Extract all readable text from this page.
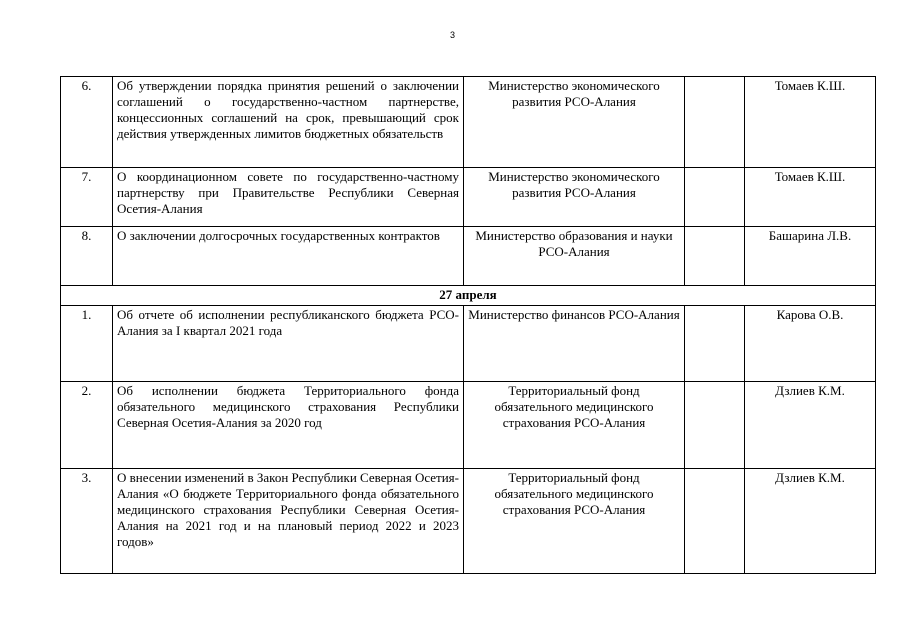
3
6.	Об утверждении порядка принятия решений о заключении соглашений о государственно-частном партнерстве, концессионных соглашений на срок, превышающий срок действия утвержденных лимитов бюджетных обязательств	Министерство экономического развития РСО-Алания		Томаев К.Ш.
7.	О координационном совете по государственно-частному партнерству при Правительстве Республики Северная Осетия-Алания	Министерство экономического развития РСО-Алания		Томаев К.Ш.
8.	О заключении долгосрочных государственных контрактов	Министерство образования и науки РСО-Алания		Башарина Л.В.
27 апреля				
1.	Об отчете об исполнении республиканского бюджета РСО-Алания за I квартал 2021 года	Министерство финансов РСО-Алания		Карова О.В.
2.	Об исполнении бюджета Территориального фонда обязательного медицинского страхования Республики Северная Осетия-Алания за 2020 год	Территориальный фонд обязательного медицинского страхования РСО-Алания		Дзлиев К.М.
3.	О внесении изменений в Закон Республики Северная Осетия-Алания «О бюджете Территориального фонда обязательного медицинского страхования Республики Северная Осетия-Алания на 2021 год и на плановый период 2022 и 2023 годов»	Территориальный фонд обязательного медицинского страхования РСО-Алания		Дзлиев К.М.
